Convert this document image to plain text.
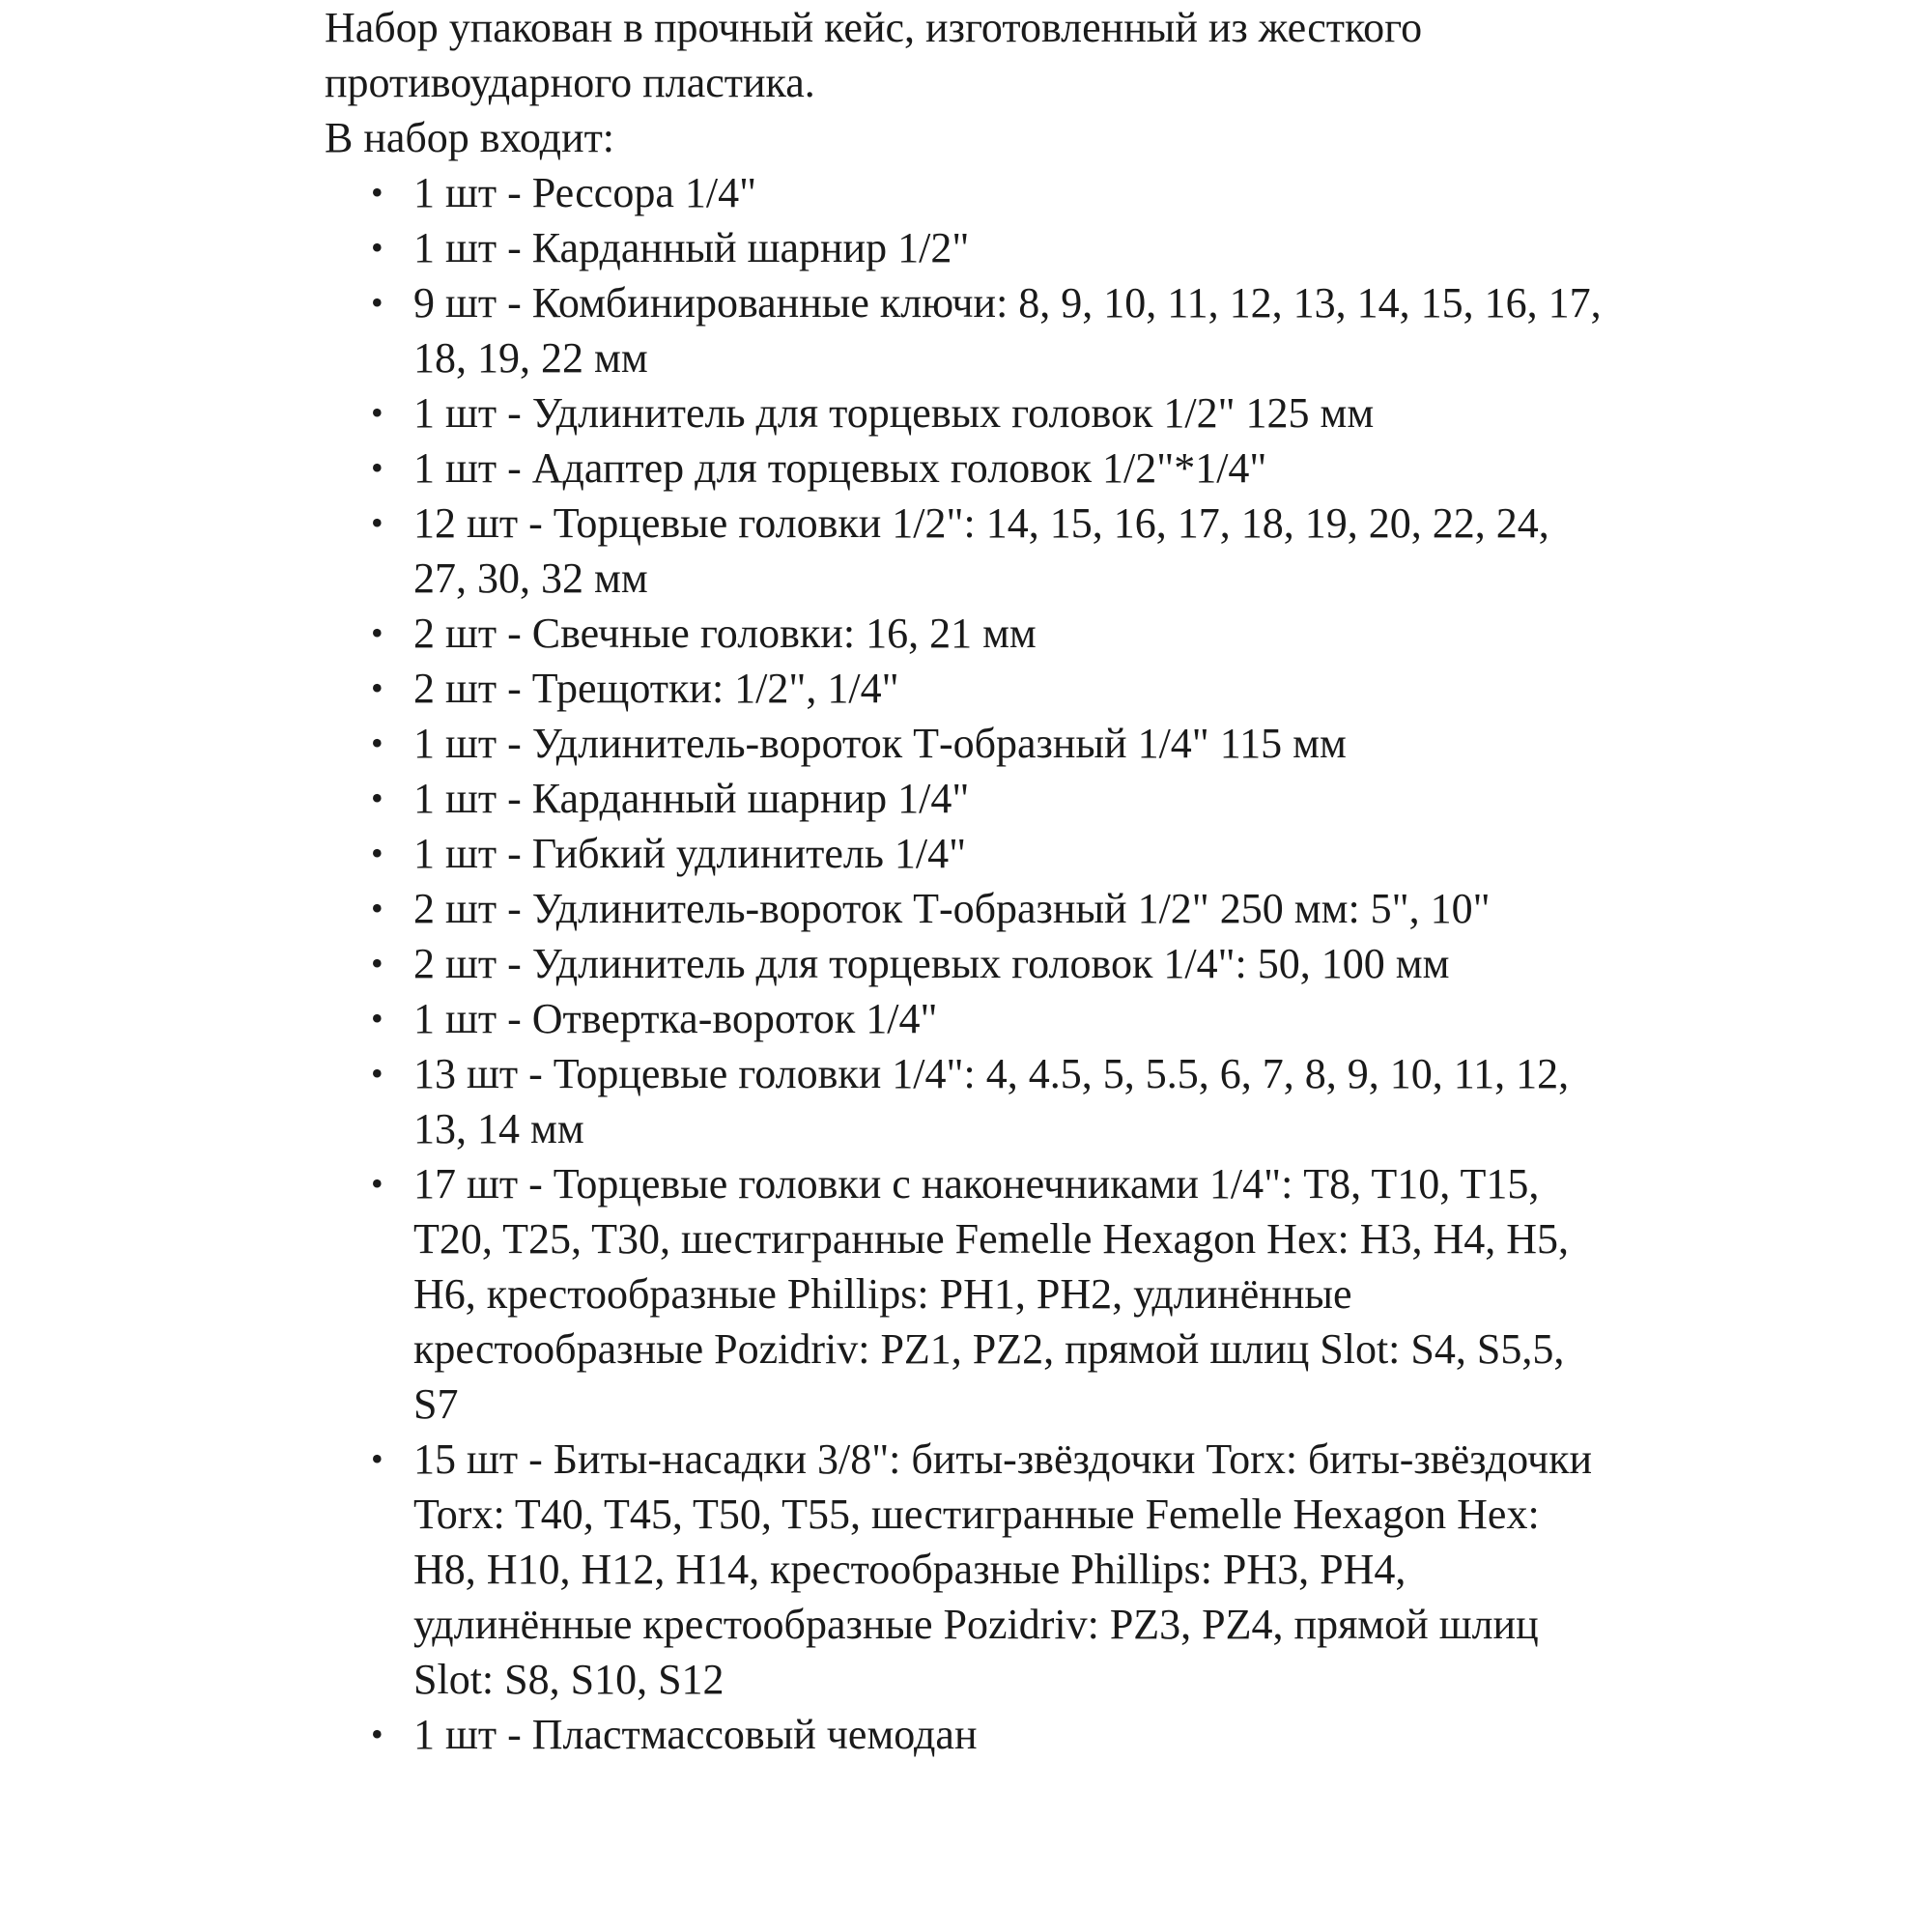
Набор упакован в прочный кейс, изготовленный из жесткого противоударного пластика.

В набор входит:

• 1 шт - Рессора 1/4"
• 1 шт - Карданный шарнир 1/2"
• 9 шт - Комбинированные ключи: 8, 9, 10, 11, 12, 13, 14, 15, 16, 17, 18, 19, 22 мм
• 1 шт - Удлинитель для торцевых головок 1/2" 125 мм
• 1 шт - Адаптер для торцевых головок 1/2"*1/4"
• 12 шт - Торцевые головки 1/2": 14, 15, 16, 17, 18, 19, 20, 22, 24, 27, 30, 32 мм
• 2 шт - Свечные головки: 16, 21 мм
• 2 шт - Трещотки: 1/2", 1/4"
• 1 шт - Удлинитель-вороток Т-образный 1/4" 115 мм
• 1 шт - Карданный шарнир 1/4"
• 1 шт - Гибкий удлинитель 1/4"
• 2 шт - Удлинитель-вороток Т-образный 1/2" 250 мм: 5", 10"
• 2 шт - Удлинитель для торцевых головок 1/4": 50, 100 мм
• 1 шт - Отвертка-вороток 1/4"
• 13 шт - Торцевые головки 1/4": 4, 4.5, 5, 5.5, 6, 7, 8, 9, 10, 11, 12, 13, 14 мм
• 17 шт - Торцевые головки с наконечниками 1/4": T8, T10, T15, T20, T25, T30, шестигранные Femelle Hexagon Hex: H3, H4, H5, H6, крестообразные Phillips: PH1, PH2, удлинённые крестообразные Pozidriv: PZ1, PZ2, прямой шлиц Slot: S4, S5,5, S7
• 15 шт - Биты-насадки 3/8": биты-звёздочки Torx: биты-звёздочки Torx: T40, T45, T50, T55, шестигранные Femelle Hexagon Hex: H8, H10, H12, H14, крестообразные Phillips: PH3, PH4, удлинённые крестообразные Pozidriv: PZ3, PZ4, прямой шлиц Slot: S8, S10, S12
• 1 шт - Пластмассовый чемодан
